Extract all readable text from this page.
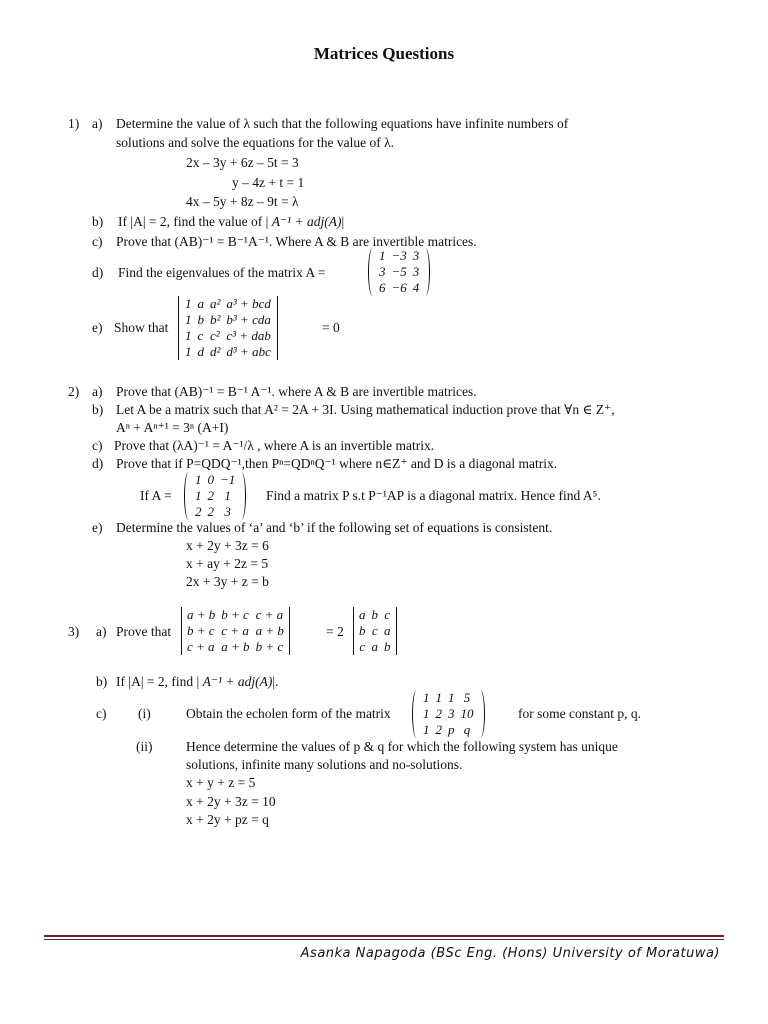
Matrices Questions
1) a) Determine the value of λ such that the following equations have infinite numbers of
solutions and solve the equations for the value of λ.
2x – 3y + 6z – 5t = 3
y – 4z + t = 1
4x – 5y + 8z – 9t = λ
b) If |A| = 2, find the value of | A⁻¹ + adj(A)|
c) Prove that (AB)⁻¹ = B⁻¹A⁻¹. Where A & B are invertible matrices.
d) Find the eigenvalues of the matrix A =
1	−3	3
3	−5	3
6	−6	4
e) Show that
1	a	a²	a³ + bcd
1	b	b²	b³ + cda
1	c	c²	c³ + dab
1	d	d²	d³ + abc
= 0
2) a) Prove that (AB)⁻¹ = B⁻¹ A⁻¹. where A & B are invertible matrices.
b) Let A be a matrix such that A² = 2A + 3I. Using mathematical induction prove that ∀n ∈ Z⁺,
Aⁿ + Aⁿ⁺¹ = 3ⁿ (A+I)
c) Prove that (λA)⁻¹ = A⁻¹/λ , where A is an invertible matrix.
d) Prove that if P=QDQ⁻¹,then Pⁿ=QDⁿQ⁻¹ where n∈Z⁺ and D is a diagonal matrix.
If A =
1	0	−1
1	2	1
2	2	3
Find a matrix P s.t P⁻¹AP is a diagonal matrix. Hence find A⁵.
e) Determine the values of ‘a’ and ‘b’ if the following set of equations is consistent.
x + 2y + 3z = 6
x + ay + 2z = 5
2x + 3y + z = b
3) a) Prove that
a + b	b + c	c + a
b + c	c + a	a + b
c + a	a + b	b + c
= 2
a	b	c
b	c	a
c	a	b
b) If |A| = 2, find | A⁻¹ + adj(A)|.
c) (i)	Obtain the echolen form of the matrix
1	1	1	5
1	2	3	10
1	2	p	q
for some constant p, q.
(ii) Hence determine the values of p & q for which the following system has unique
solutions, infinite many solutions and no-solutions.
x + y + z = 5
x + 2y + 3z = 10
x + 2y + pz = q
Asanka Napagoda (BSc Eng. (Hons) University of Moratuwa)
